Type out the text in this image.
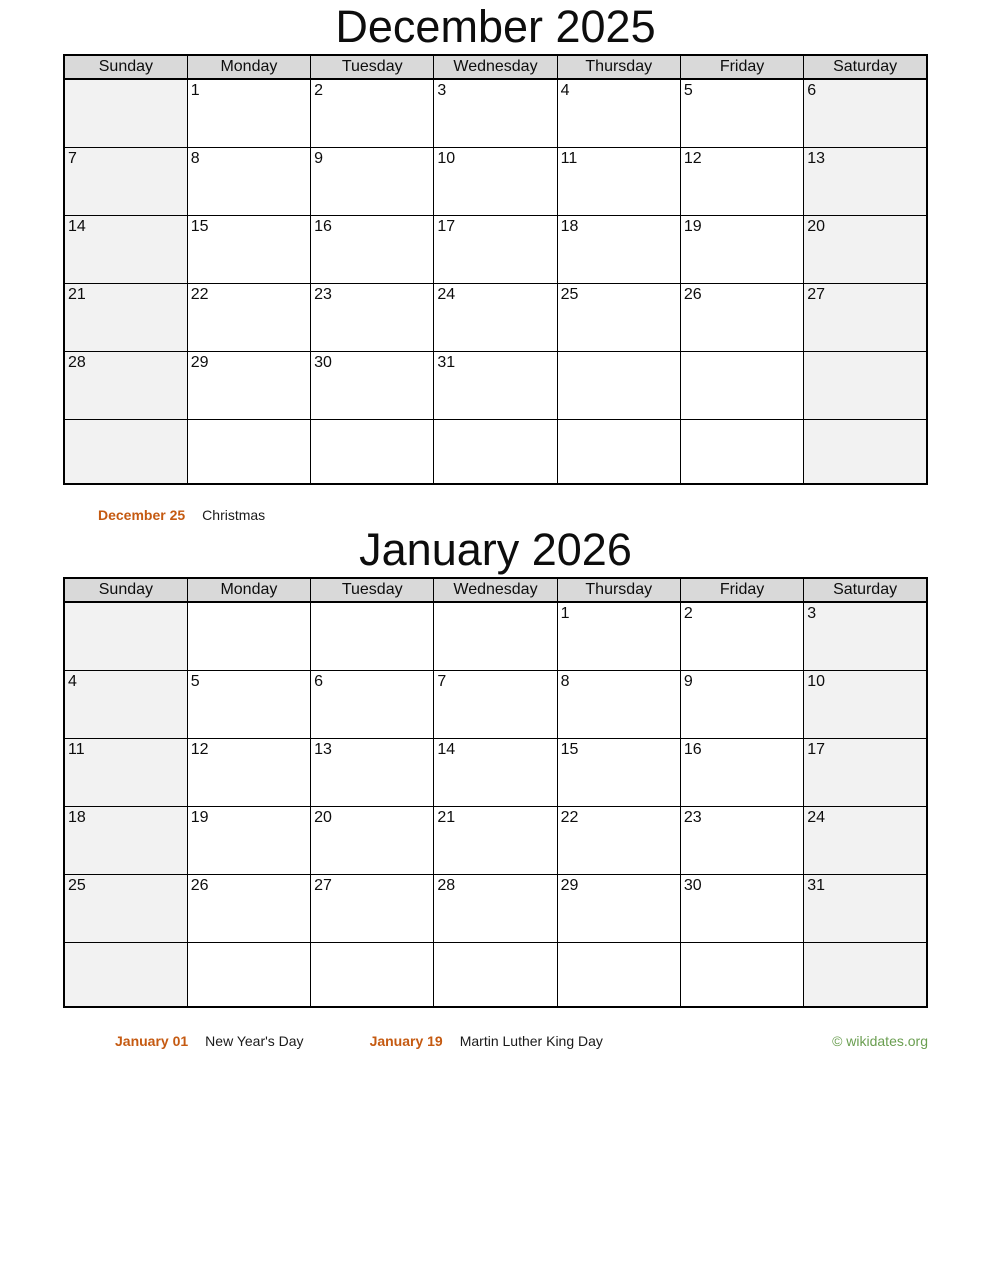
December 2025
Sunday	Monday	Tuesday	Wednesday	Thursday	Friday	Saturday
	1	2	3	4	5	6
7	8	9	10	11	12	13
14	15	16	17	18	19	20
21	22	23	24	25	26	27
28	29	30	31			

December 25 Christmas
January 2026
Sunday	Monday	Tuesday	Wednesday	Thursday	Friday	Saturday
				1	2	3
4	5	6	7	8	9	10
11	12	13	14	15	16	17
18	19	20	21	22	23	24
25	26	27	28	29	30	31

January 01 New Year's Day	January 19 Martin Luther King Day	© wikidates.org
